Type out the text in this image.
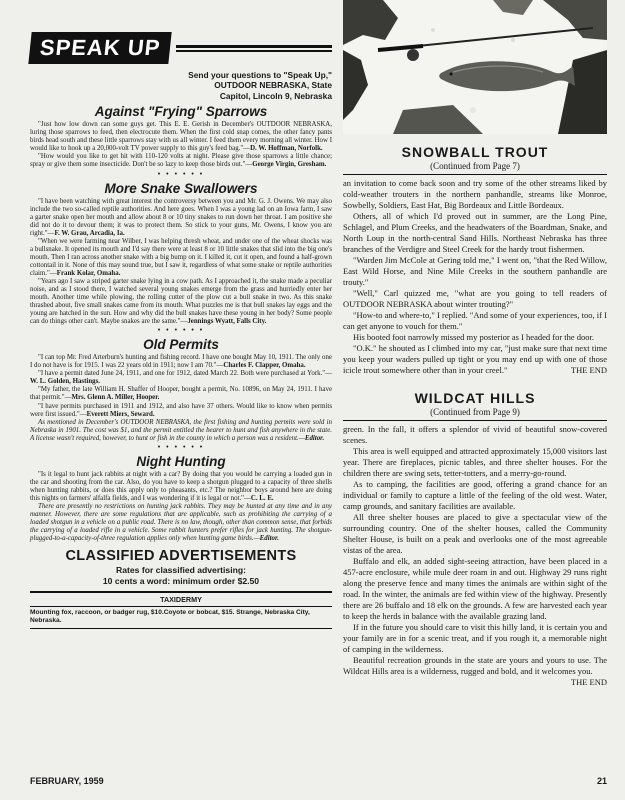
SPEAK UP
Send your questions to "Speak Up,"
OUTDOOR NEBRASKA, State
Capitol, Lincoln 9, Nebraska
Against "Frying" Sparrows

"Just how low down can some guys get. This E. E. Gerish in December's OUTDOOR NEBRASKA, luring those sparrows to feed, then electrocute them. When the first cold snap comes, the other fancy pants birds head south and these little sparrows stay with us all winter. I feed them every morning all winter. How I would like to hook up a 20,000-volt TV power supply to this guy's feed bag."—D. W. Hoffman, Norfolk.

"How would you like to get hit with 110-120 volts at night. Please give those sparrows a little chance; spray or give them some insecticide. Don't be so lazy to keep those birds out."—George Virgin, Gresham.

• • • • • •
More Snake Swallowers

"I have been watching with great interest the controversy between you and Mr. G. J. Owens. We may also include the two so-called reptile authorities. And here goes. When I was a young lad on an Iowa farm, I saw a garter snake open her mouth and allow about 8 or 10 tiny snakes to run down her throat. I am positive she did not do it to devour them; it was to protect them. So stick to your guns, Mr. Owens, I know you are right."—F. W. Grau, Arcadia, Ia.

"When we were farming near Wilber, I was helping thresh wheat, and under one of the wheat shocks was a bullsnake. It opened its mouth and I'd say there were at least 8 or 10 little snakes that slid into the big one's mouth. Then I ran across another snake with a big bump on it. I killed it, cut it open, and found a half-grown cottontail in it. None of this may sound true, but I saw it, regardless of what some snake or reptile authorities claim."—Frank Kolar, Omaha.

"Years ago I saw a striped garter snake lying in a cow path. As I approached it, the snake made a peculiar noise, and as I stood there, I watched several young snakes emerge from the grass and hurriedly enter her mouth. Another time while plowing, the rolling cutter of the plow cut a bull snake in two. As this snake thrashed about, five small snakes came from its mouth. What puzzles me is that bull snakes lay eggs and the young are hatched in the sun. How and why did the bull snakes have these young in her body? Some people can do things other can't. Maybe snakes are the same."—Jennings Wyatt, Falls City.

• • • • • •
Old Permits

"I can top Mr. Fred Arterburn's hunting and fishing record. I have one bought May 10, 1911. The only one I do not have is for 1915. I was 22 years old in 1911; now I am 70."—Charles F. Clapper, Omaha.

"I have a permit dated June 24, 1911, and one for 1912, dated March 22. Both were purchased at York."—W. L. Golden, Hastings.

"My father, the late William H. Shaffer of Hooper, bought a permit, No. 10896, on May 24, 1911. I have that permit."—Mrs. Glenn A. Miller, Hooper.

"I have permits purchased in 1911 and 1912, and also have 37 others. Would like to know when permits were first issued."—Everett Miers, Seward.

As mentioned in December's OUTDOOR NEBRASKA, the first fishing and hunting permits were sold in Nebraska in 1901. The cost was $1, and the permit entitled the bearer to hunt and fish anywhere in the state. A license wasn't required, however, to hunt or fish in the county in which a person was a resident.—Editor.

• • • • • •
Night Hunting

"Is it legal to hunt jack rabbits at night with a car? By doing that you would be carrying a loaded gun in the car and shooting from the car. Also, do you have to keep a shotgun plugged to a capacity of three shells when hunting rabbits, or does this apply only to pheasants, etc.? The neighbor boys around here are doing this nights on farmers' alfalfa fields, and I was wondering if it is legal or not."—C. L. E.

There are presently no restrictions on hunting jack rabbits. They may be hunted at any time and in any manner. However, there are some regulations that are applicable, such as prohibiting the carrying of a loaded shotgun in a vehicle on a public road. There is no law, though, other than common sense, that forbids the carrying of a loaded rifle in a vehicle. Some rabbit hunters prefer rifles for jack hunting. The shotgun-plugged-to-a-capacity-of-three regulation applies only when hunting game birds.—Editor.

CLASSIFIED ADVERTISEMENTS
Rates for classified advertising:
10 cents a word: minimum order $2.50
TAXIDERMY
Mounting fox, raccoon, or badger rug, $10.Coyote or bobcat, $15. Strange, Nebraska City, Nebraska.
SNOWBALL TROUT
(Continued from Page 7)

an invitation to come back soon and try some of the other streams liked by cold-weather trouters in the northern panhandle, streams like Monroe, Sowbelly, Soldiers, East Hat, Big Bordeaux and Little Bordeaux.

Others, all of which I'd proved out in summer, are the Long Pine, Schlagel, and Plum Creeks, and the headwaters of the Boardman, Snake, and North Loup in the north-central Sand Hills. Northeast Nebraska has three branches of the Verdigre and Steel Creek for the hardy trout fishermen.

"Warden Jim McCole at Gering told me," I went on, "that the Red Willow, East Wild Horse, and Nine Mile Creeks in the southern panhandle are trouty."

"Well," Carl quizzed me, "what are you going to tell readers of OUTDOOR NEBRASKA about winter trouting?"

"How-to and where-to," I replied. "And some of your experiences, too, if I can get anyone to vouch for them."

His booted foot narrowly missed my posterior as I headed for the door.

"O.K." he shouted as I climbed into my car, "just make sure that next time you keep your waders pulled up tight or you may end up with one of those icicle trout somewhere other than in your creel."	THE END

WILDCAT HILLS
(Continued from Page 9)

green. In the fall, it offers a splendor of vivid of beautiful snow-covered scenes.

This area is well equipped and attracted approximately 15,000 visitors last year. There are fireplaces, picnic tables, and three shelter houses. For the children there are swing sets, tetter-totters, and a merry-go-round.

As to camping, the facilities are good, offering a grand chance for an individual or family to capture a little of the feeling of the old west. Water, camp grounds, and sanitary facilities are available.

All three shelter houses are placed to give a spectacular view of the surrounding country. One of the shelter houses, called the Community Shelter House, is built on a peak and overlooks one of the most agreeable vistas of the area.

Buffalo and elk, an added sight-seeing attraction, have been placed in a 457-acre enclosure, while mule deer roam in and out. Highway 29 runs right along the preserve fence and many times the animals are within sight of the road. In the winter, the animals are fed within view of the highway. Presently there are 26 buffalo and 18 elk on the grounds. A few are harvested each year to keep the herds in balance with the available grazing land.

If in the future you should care to visit this hilly land, it is certain you and your family are in for a scenic treat, and if you rough it, a memorable night of camping in the wilderness.

Beautiful recreation grounds in the state are yours and yours to use. The Wildcat Hills area is a wilderness, rugged and bold, and it welcomes you.
THE END

FEBRUARY, 1959	21
